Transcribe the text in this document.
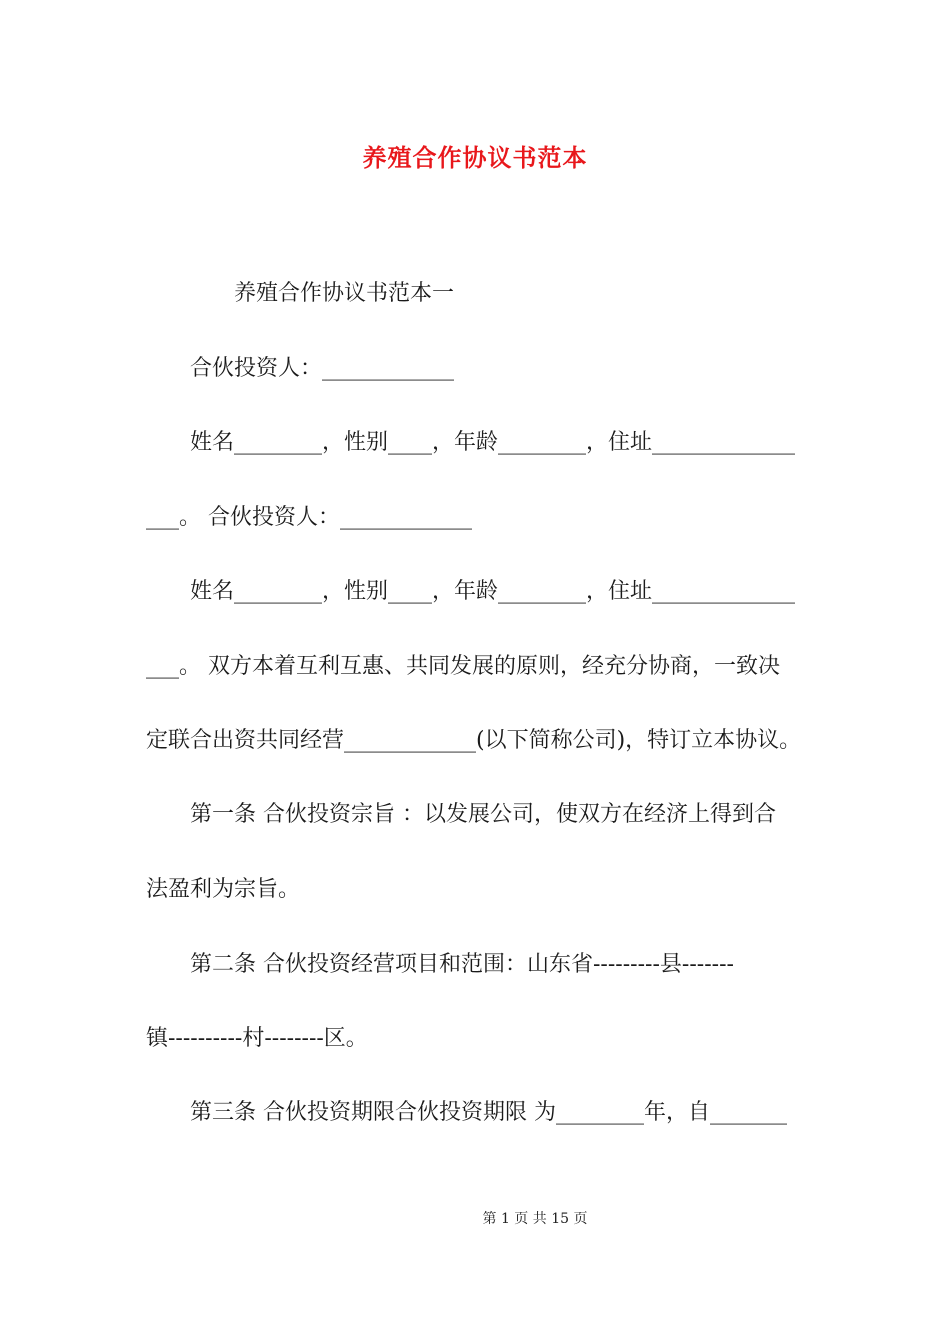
养殖合作协议书范本
养殖合作协议书范本一
合伙投资人：____________
姓名________，性别____，年龄________，住址_____________
___。 合伙投资人：____________
姓名________，性别____，年龄________，住址_____________
___。 双方本着互利互惠、共同发展的原则，经充分协商，一致决
定联合出资共同经营____________(以下简称公司)，特订立本协议。
第一条 合伙投资宗旨 ：以发展公司，使双方在经济上得到合
法盈利为宗旨。
第二条 合伙投资经营项目和范围：山东省---------县-------
镇----------村--------区。
第三条 合伙投资期限合伙投资期限 为________年，自_______
第 1 页 共 15 页
